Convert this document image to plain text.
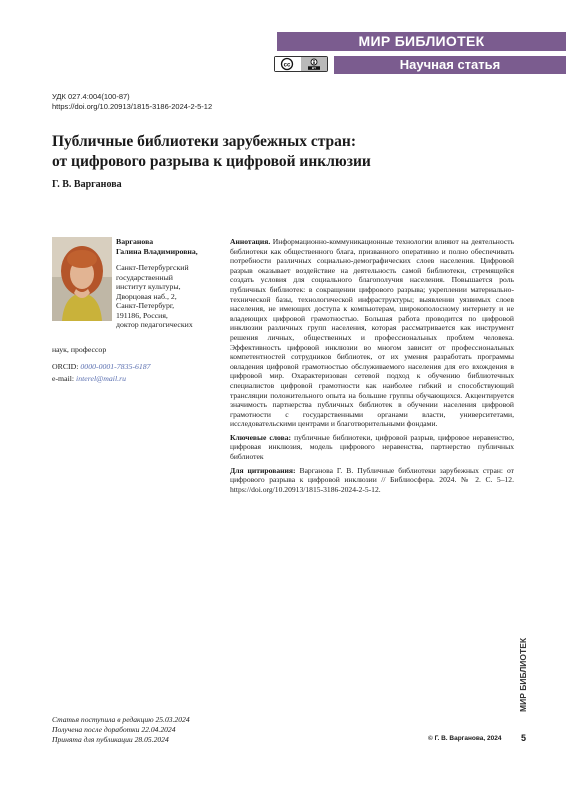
МИР БИБЛИОТЕК
cc	BY	Научная статья
УДК 027.4:004(100-87)
https://doi.org/10.20913/1815-3186-2024-2-5-12
Публичные библиотеки зарубежных стран:
от цифрового разрыва к цифровой инклюзии
Г. В. Варганова
Варганова
Галина Владимировна,
Санкт-Петербургский
государственный
институт культуры,
Дворцовая наб., 2,
Санкт-Петербург,
191186, Россия,
доктор педагогических
наук, профессор
ORCID: 0000-0001-7835-6187
e-mail: interel@mail.ru

Аннотация. Информационно-коммуникационные технологии влияют на деятельность библиотеки как общественного блага, призванного оперативно и полно обеспечивать потребности различных социально-демографических слоев населения. Цифровой разрыв оказывает воздействие на деятельность самой библиотеки, стремящейся создать условия для социального благополучия населения. Повышается роль публичных библиотек: в сокращении цифрового разрыва; укреплении материально-технической базы, технологической инфраструктуры; выявлении уязвимых слоев населения, не имеющих доступа к компьютерам, широкополосному интернету и не владеющих цифровой грамотностью. Большая работа проводится по цифровой инклюзии различных групп населения, которая рассматривается как инструмент решения личных, общественных и профессиональных проблем человека. Эффективность цифровой инклюзии во многом зависит от профессиональных компетентностей сотрудников библиотек, от их умения разработать программы овладения цифровой грамотностью обслуживаемого населения для его вхождения в цифровой мир. Охарактеризован сетевой подход к обучению библиотечных специалистов цифровой грамотности как наиболее гибкий и способствующий трансляции положительного опыта на большие группы обучающихся. Акцентируется значимость партнерства публичных библиотек в обучении населения цифровой грамотности с государственными органами власти, университетами, исследовательскими центрами и благотворительными фондами.

Ключевые слова: публичные библиотеки, цифровой разрыв, цифровое неравенство, цифровая инклюзия, модель цифрового неравенства, партнерство публичных библиотек

Для цитирования: Варганова Г. В. Публичные библиотеки зарубежных стран: от цифрового разрыва к цифровой инклюзии // Библиосфера. 2024. № 2. С. 5–12. https://doi.org/10.20913/1815-3186-2024-2-5-12.

МИР БИБЛИОТЕК
Статья поступила в редакцию 25.03.2024
Получена после доработки 22.04.2024
Принята для публикации 28.05.2024	© Г. В. Варганова, 2024 5
